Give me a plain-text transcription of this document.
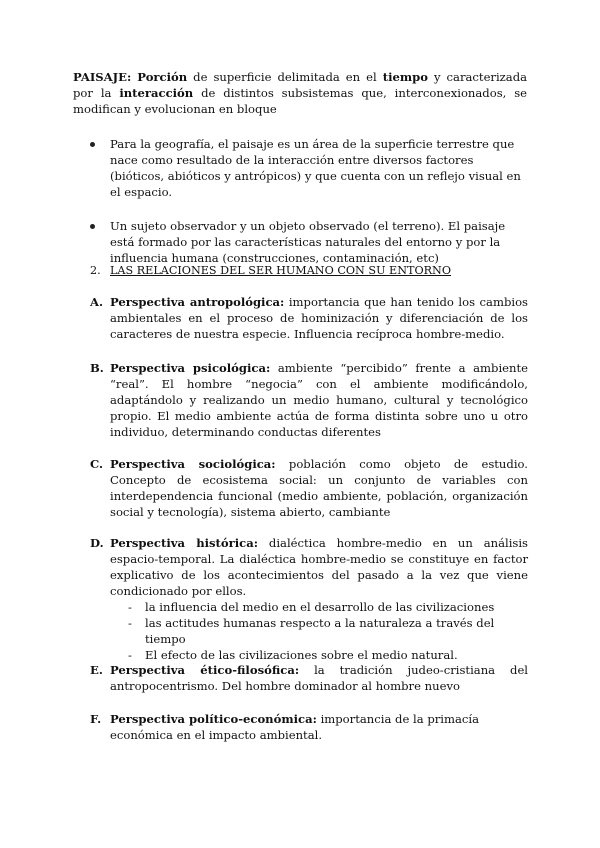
PAISAJE: Porción de superficie delimitada en el tiempo y caracterizada por la interacción de distintos subsistemas que, interconexionados, se modifican y evolucionan en bloque
Para la geografía, el paisaje es un área de la superficie terrestre que nace como resultado de la interacción entre diversos factores (bióticos, abióticos y antrópicos) y que cuenta con un reflejo visual en el espacio.
Un sujeto observador y un objeto observado (el terreno). El paisaje está formado por las características naturales del entorno y por la influencia humana (construcciones, contaminación, etc)
2. LAS RELACIONES DEL SER HUMANO CON SU ENTORNO
A. Perspectiva antropológica: importancia que han tenido los cambios ambientales en el proceso de hominización y diferenciación de los caracteres de nuestra especie. Influencia recíproca hombre-medio.
B. Perspectiva psicológica: ambiente “percibido” frente a ambiente “real”. El hombre “negocia” con el ambiente modificándolo, adaptándolo y realizando un medio humano, cultural y tecnológico propio. El medio ambiente actúa de forma distinta sobre uno u otro individuo, determinando conductas diferentes
C. Perspectiva sociológica: población como objeto de estudio. Concepto de ecosistema social: un conjunto de variables con interdependencia funcional (medio ambiente, población, organización social y tecnología), sistema abierto, cambiante
D. Perspectiva histórica: dialéctica hombre-medio en un análisis espacio-temporal. La dialéctica hombre-medio se constituye en factor explicativo de los acontecimientos del pasado a la vez que viene condicionado por ellos.
- la influencia del medio en el desarrollo de las civilizaciones
- las actitudes humanas respecto a la naturaleza a través del tiempo
- El efecto de las civilizaciones sobre el medio natural.
E. Perspectiva ético-filosófica: la tradición judeo-cristiana del antropocentrismo. Del hombre dominador al hombre nuevo
F. Perspectiva político-económica: importancia de la primacía económica en el impacto ambiental.
